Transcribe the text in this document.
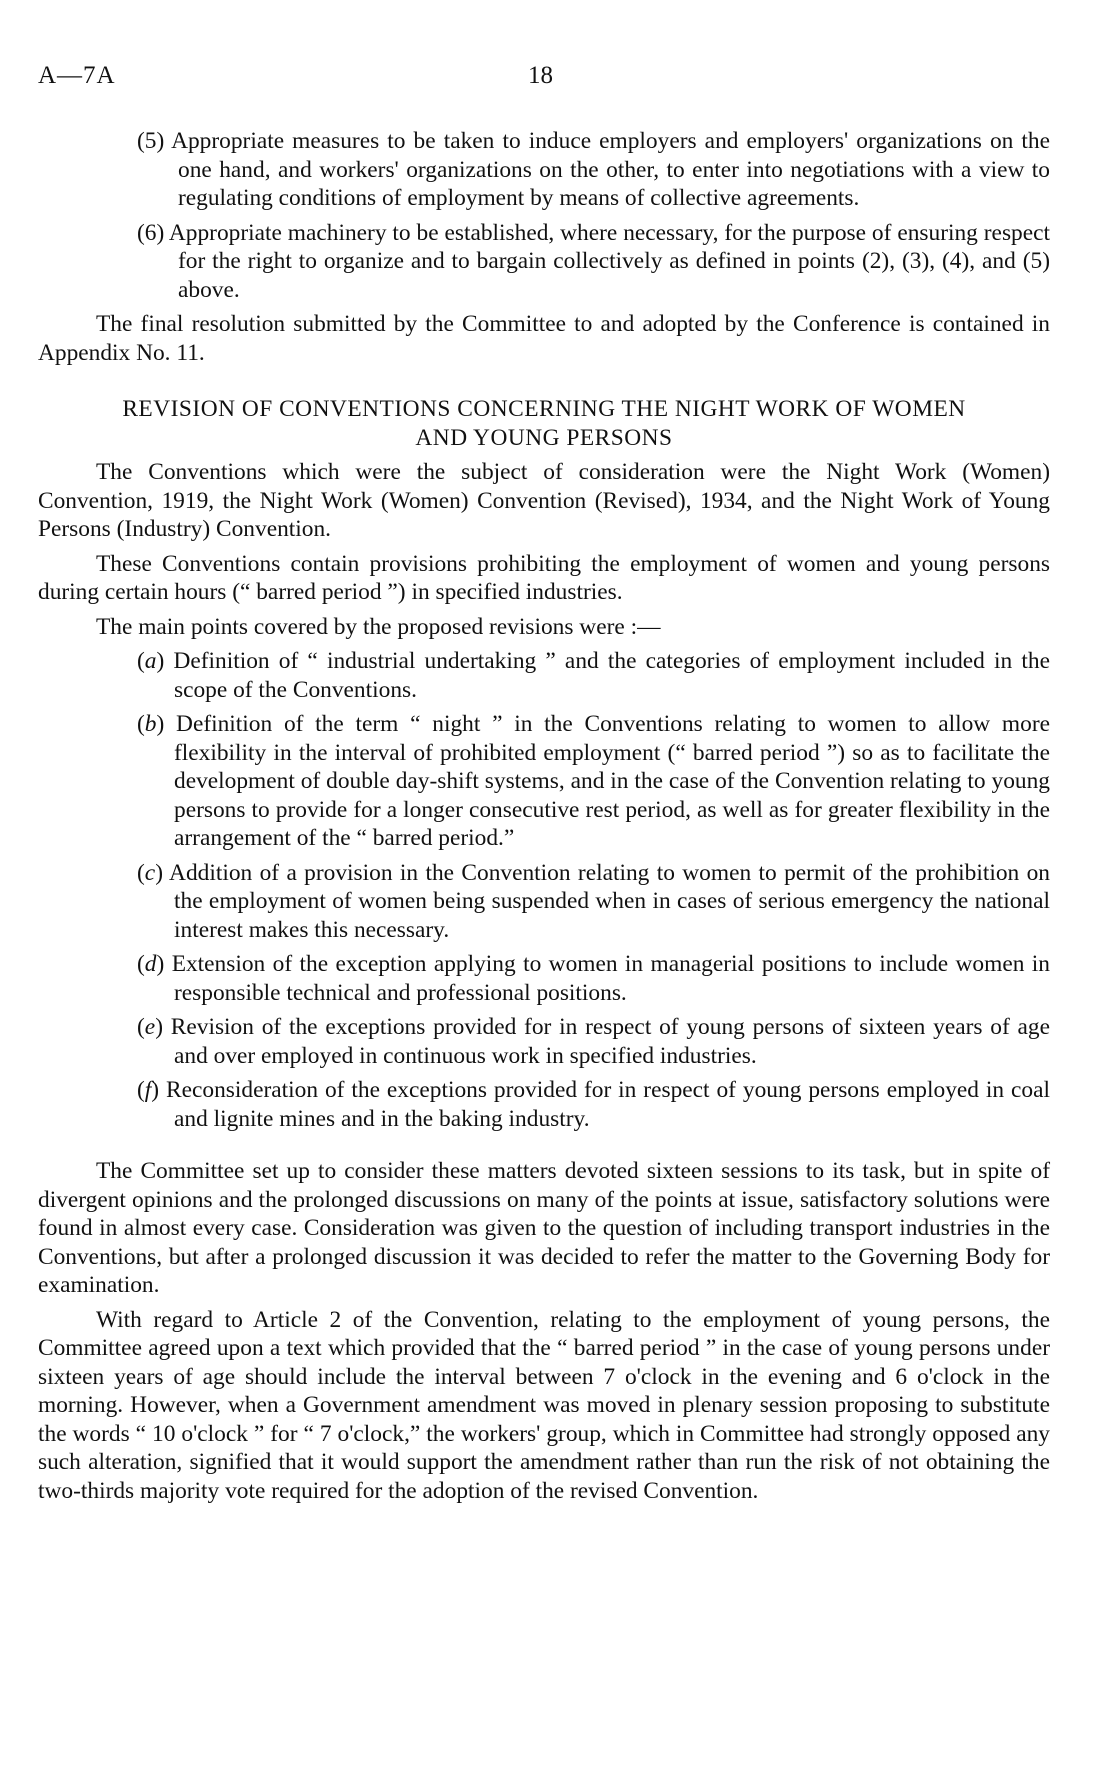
A—7A	18
(5) Appropriate measures to be taken to induce employers and employers' organizations on the one hand, and workers' organizations on the other, to enter into negotiations with a view to regulating conditions of employment by means of collective agreements.
(6) Appropriate machinery to be established, where necessary, for the purpose of ensuring respect for the right to organize and to bargain collectively as defined in points (2), (3), (4), and (5) above.
The final resolution submitted by the Committee to and adopted by the Conference is contained in Appendix No. 11.
REVISION OF CONVENTIONS CONCERNING THE NIGHT WORK OF WOMEN
AND YOUNG PERSONS
The Conventions which were the subject of consideration were the Night Work (Women) Convention, 1919, the Night Work (Women) Convention (Revised), 1934, and the Night Work of Young Persons (Industry) Convention.
These Conventions contain provisions prohibiting the employment of women and young persons during certain hours (“ barred period ”) in specified industries.
The main points covered by the proposed revisions were :—
(a) Definition of “ industrial undertaking ” and the categories of employment included in the scope of the Conventions.
(b) Definition of the term “ night ” in the Conventions relating to women to allow more flexibility in the interval of prohibited employment (“ barred period ”) so as to facilitate the development of double day-shift systems, and in the case of the Convention relating to young persons to provide for a longer consecutive rest period, as well as for greater flexibility in the arrangement of the “ barred period.”
(c) Addition of a provision in the Convention relating to women to permit of the prohibition on the employment of women being suspended when in cases of serious emergency the national interest makes this necessary.
(d) Extension of the exception applying to women in managerial positions to include women in responsible technical and professional positions.
(e) Revision of the exceptions provided for in respect of young persons of sixteen years of age and over employed in continuous work in specified industries.
(f) Reconsideration of the exceptions provided for in respect of young persons employed in coal and lignite mines and in the baking industry.
The Committee set up to consider these matters devoted sixteen sessions to its task, but in spite of divergent opinions and the prolonged discussions on many of the points at issue, satisfactory solutions were found in almost every case. Consideration was given to the question of including transport industries in the Conventions, but after a prolonged discussion it was decided to refer the matter to the Governing Body for examination.
With regard to Article 2 of the Convention, relating to the employment of young persons, the Committee agreed upon a text which provided that the “ barred period ” in the case of young persons under sixteen years of age should include the interval between 7 o'clock in the evening and 6 o'clock in the morning. However, when a Government amendment was moved in plenary session proposing to substitute the words “ 10 o'clock ” for “ 7 o'clock,” the workers' group, which in Committee had strongly opposed any such alteration, signified that it would support the amendment rather than run the risk of not obtaining the two-thirds majority vote required for the adoption of the revised Convention.
